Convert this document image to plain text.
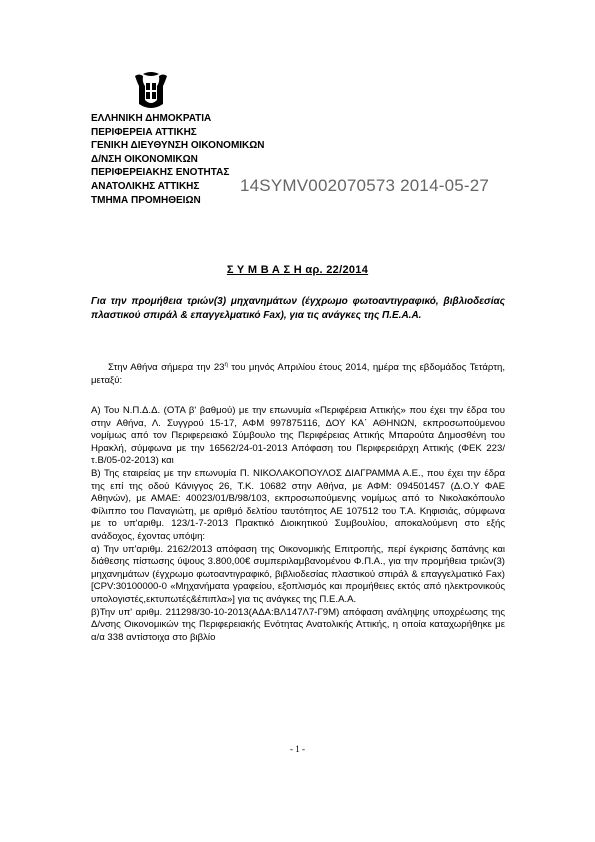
ΕΛΛΗΝΙΚΗ ΔΗΜΟΚΡΑΤΙΑ
ΠΕΡΙΦΕΡΕΙΑ ΑΤΤΙΚΗΣ
ΓΕΝΙΚΗ ΔΙΕΥΘΥΝΣΗ ΟΙΚΟΝΟΜΙΚΩΝ
Δ/ΝΣΗ ΟΙΚΟΝΟΜΙΚΩΝ
ΠΕΡΙΦΕΡΕΙΑΚΗΣ ΕΝΟΤΗΤΑΣ
ΑΝΑΤΟΛΙΚΗΣ ΑΤΤΙΚΗΣ
ΤΜΗΜΑ ΠΡΟΜΗΘΕΙΩΝ
14SYMV002070573 2014-05-27
Σ Υ Μ Β Α Σ Η αρ. 22/2014
Για την προμήθεια τριών(3) μηχανημάτων (έγχρωμο φωτοαντιγραφικό, βιβλιοδεσίας πλαστικού σπιράλ & επαγγελματικό Fax), για τις ανάγκες της Π.Ε.Α.Α.
Στην Αθήνα σήμερα την $23^\eta$ του μηνός Απριλίου έτους 2014, ημέρα της εβδομάδος Τετάρτη, μεταξύ:

Α) Του Ν.Π.Δ.Δ. (ΟΤΑ β' βαθμού) με την επωνυμία «Περιφέρεια Αττικής» που έχει την έδρα του στην Αθήνα, Λ. Συγγρού 15-17, ΑΦΜ 997875116, ΔΟΥ ΚΑ΄ ΑΘΗΝΩΝ, εκπροσωπούμενου νομίμως από τον Περιφερειακό Σύμβουλο της Περιφέρειας Αττικής Μπαρούτα Δημοσθένη του Ηρακλή, σύμφωνα με την 16562/24-01-2013 Απόφαση του Περιφερειάρχη Αττικής (ΦΕΚ 223/τ.Β/05-02-2013) και

Β) Της εταιρείας με την επωνυμία Π. ΝΙΚΟΛΑΚΟΠΟΥΛΟΣ ΔΙΑΓΡΑΜΜΑ Α.Ε., που έχει την έδρα της επί της οδού Κάνιγγος 26, Τ.Κ. 10682 στην Αθήνα, με ΑΦΜ: 094501457 (Δ.Ο.Υ ΦΑΕ Αθηνών), με ΑΜΑΕ: 40023/01/Β/98/103, εκπροσωπούμενης νομίμως από το Νικολακόπουλο Φίλιππο του Παναγιώτη, με αριθμό δελτίου ταυτότητος ΑΕ 107512 του Τ.Α. Κηφισιάς, σύμφωνα με το υπ'αριθμ. 123/1-7-2013 Πρακτικό Διοικητικού Συμβουλίου, αποκαλούμενη στο εξής ανάδοχος, έχοντας υπόψη:

α) Την υπ'αριθμ. 2162/2013 απόφαση της Οικονομικής Επιτροπής, περί έγκρισης δαπάνης και διάθεσης πίστωσης ύψους 3.800,00€ συμπεριλαμβανομένου Φ.Π.Α., για την προμήθεια τριών(3) μηχανημάτων (έγχρωμο φωτοαντιγραφικό, βιβλιοδεσίας πλαστικού σπιράλ & επαγγελματικό Fax)[CPV:30100000-0 «Μηχανήματα γραφείου, εξοπλισμός και προμήθειες εκτός από ηλεκτρονικούς υπολογιστές,εκτυπωτές&έπιπλα»] για τις ανάγκες της Π.Ε.Α.Α.

β)Την υπ' αριθμ. 211298/30-10-2013(ΑΔΑ:ΒΛ147Λ7-Γ9Μ) απόφαση ανάληψης υποχρέωσης της Δ/νσης Οικονομικών της Περιφερειακής Ενότητας Ανατολικής Αττικής, η οποία καταχωρήθηκε με α/α 338 αντίστοιχα στο βιβλίο

- 1 -
